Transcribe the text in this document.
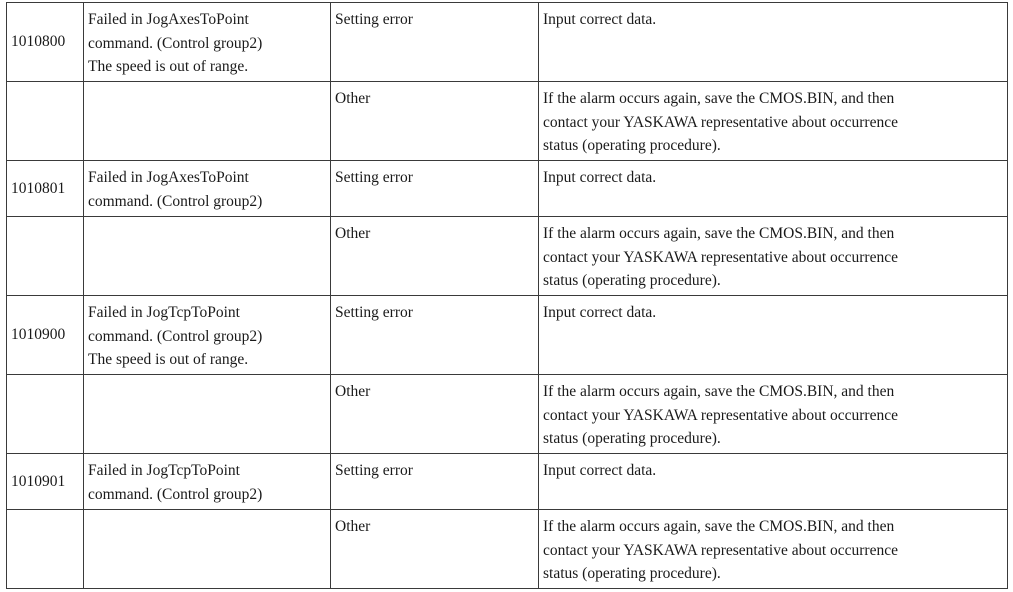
1010800	Failed in JogAxesToPoint
command. (Control group2)
The speed is out of range.	Setting error	Input correct data.
		Other	If the alarm occurs again, save the CMOS.BIN, and then
contact your YASKAWA representative about occurrence
status (operating procedure).
1010801	Failed in JogAxesToPoint
command. (Control group2)	Setting error	Input correct data.
		Other	If the alarm occurs again, save the CMOS.BIN, and then
contact your YASKAWA representative about occurrence
status (operating procedure).
1010900	Failed in JogTcpToPoint
command. (Control group2)
The speed is out of range.	Setting error	Input correct data.
		Other	If the alarm occurs again, save the CMOS.BIN, and then
contact your YASKAWA representative about occurrence
status (operating procedure).
1010901	Failed in JogTcpToPoint
command. (Control group2)	Setting error	Input correct data.
		Other	If the alarm occurs again, save the CMOS.BIN, and then
contact your YASKAWA representative about occurrence
status (operating procedure).
